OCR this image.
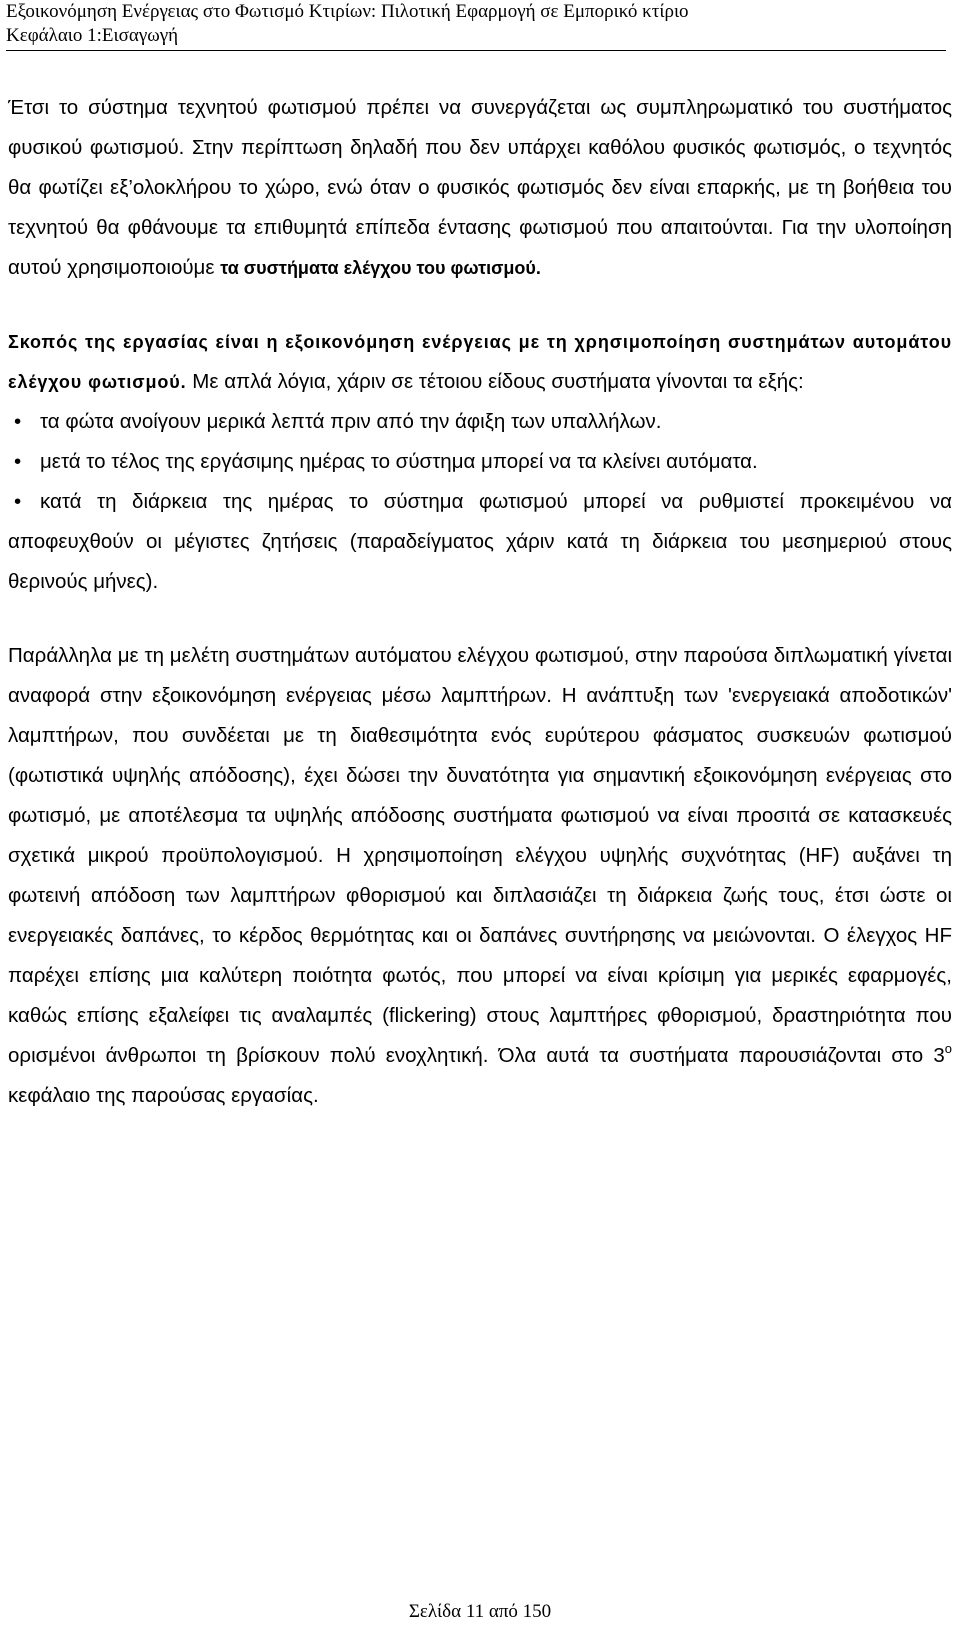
Εξοικονόμηση Ενέργειας στο Φωτισμό Κτιρίων: Πιλοτική Εφαρμογή σε Εμπορικό κτίριο
Κεφάλαιο 1:Εισαγωγή

Έτσι το σύστημα τεχνητού φωτισμού πρέπει να συνεργάζεται ως συμπληρωματικό του συστήματος φυσικού φωτισμού. Στην περίπτωση δηλαδή που δεν υπάρχει καθόλου φυσικός φωτισμός, ο τεχνητός θα φωτίζει εξ’ολοκλήρου το χώρο, ενώ όταν ο φυσικός φωτισμός δεν είναι επαρκής, με τη βοήθεια του τεχνητού θα φθάνουμε τα επιθυμητά επίπεδα έντασης φωτισμού που απαιτούνται. Για την υλοποίηση αυτού χρησιμοποιούμε τα συστήματα ελέγχου του φωτισμού.

Σκοπός της εργασίας είναι η εξοικονόμηση ενέργειας με τη χρησιμοποίηση συστημάτων αυτομάτου ελέγχου φωτισμού. Με απλά λόγια, χάριν σε τέτοιου είδους συστήματα γίνονται τα εξής:

• τα φώτα ανοίγουν μερικά λεπτά πριν από την άφιξη των υπαλλήλων.
• μετά το τέλος της εργάσιμης ημέρας το σύστημα μπορεί να τα κλείνει αυτόματα.
• κατά τη διάρκεια της ημέρας το σύστημα φωτισμού μπορεί να ρυθμιστεί προκειμένου να αποφευχθούν οι μέγιστες ζητήσεις (παραδείγματος χάριν κατά τη διάρκεια του μεσημεριού στους θερινούς μήνες).

Παράλληλα με τη μελέτη συστημάτων αυτόματου ελέγχου φωτισμού, στην παρούσα διπλωματική γίνεται αναφορά στην εξοικονόμηση ενέργειας μέσω λαμπτήρων. Η ανάπτυξη των 'ενεργειακά αποδοτικών' λαμπτήρων, που συνδέεται με τη διαθεσιμότητα ενός ευρύτερου φάσματος συσκευών φωτισμού (φωτιστικά υψηλής απόδοσης), έχει δώσει την δυνατότητα για σημαντική εξοικονόμηση ενέργειας στο φωτισμό, με αποτέλεσμα τα υψηλής απόδοσης συστήματα φωτισμού να είναι προσιτά σε κατασκευές σχετικά μικρού προϋπολογισμού. Η χρησιμοποίηση ελέγχου υψηλής συχνότητας (HF) αυξάνει τη φωτεινή απόδοση των λαμπτήρων φθορισμού και διπλασιάζει τη διάρκεια ζωής τους, έτσι ώστε οι ενεργειακές δαπάνες, το κέρδος θερμότητας και οι δαπάνες συντήρησης να μειώνονται. Ο έλεγχος HF παρέχει επίσης μια καλύτερη ποιότητα φωτός, που μπορεί να είναι κρίσιμη για μερικές εφαρμογές, καθώς επίσης εξαλείφει τις αναλαμπές (flickering) στους λαμπτήρες φθορισμού, δραστηριότητα που ορισμένοι άνθρωποι τη βρίσκουν πολύ ενοχλητική. Όλα αυτά τα συστήματα παρουσιάζονται στο $3^o$ κεφάλαιο της παρούσας εργασίας.

Σελίδα 11 από 150
